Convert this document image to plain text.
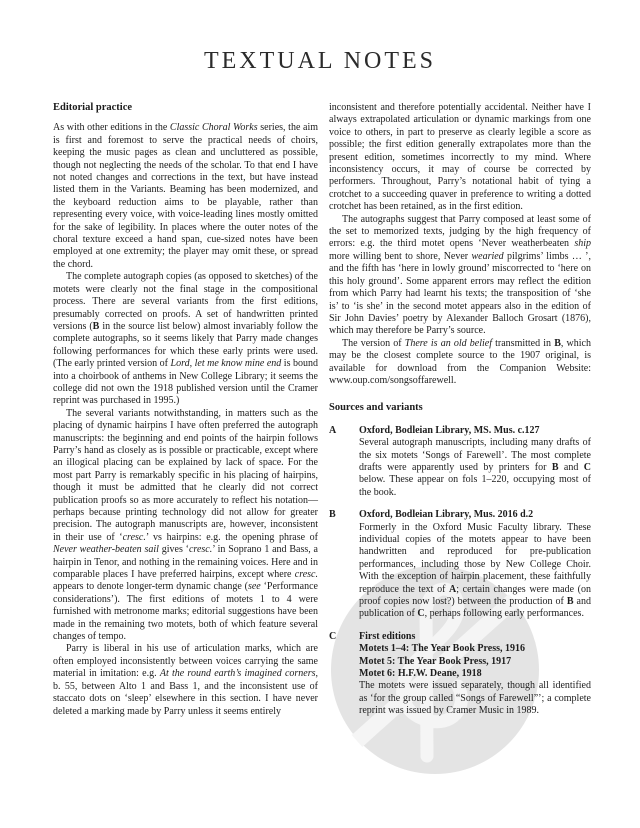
TEXTUAL NOTES
Editorial practice

As with other editions in the Classic Choral Works series, the aim is first and foremost to serve the practical needs of choirs, keeping the music pages as clean and uncluttered as possible, though not neglecting the needs of the scholar. To that end I have not noted changes and corrections in the text, but have instead listed them in the Variants. Beaming has been modernized, and the keyboard reduction aims to be playable, rather than representing every voice, with voice-leading lines mostly omitted for the sake of legibility. In places where the outer notes of the choral texture exceed a hand span, cue-sized notes have been employed at one extremity; the player may omit these, or spread the chord.

The complete autograph copies (as opposed to sketches) of the motets were clearly not the final stage in the compositional process. There are several variants from the first editions, presumably corrected on proofs. A set of handwritten printed versions (B in the source list below) almost invariably follow the complete autographs, so it seems likely that Parry made changes following performances for which these early prints were used. (The early printed version of Lord, let me know mine end is bound into a choirbook of anthems in New College Library; it seems the college did not own the 1918 published version until the Cramer reprint was purchased in 1995.)

The several variants notwithstanding, in matters such as the placing of dynamic hairpins I have often preferred the autograph manuscripts: the beginning and end points of the hairpin follows Parry’s hand as closely as is possible or practicable, except where an illogical placing can be explained by lack of space. For the most part Parry is remarkably specific in his placing of hairpins, though it must be admitted that he clearly did not correct publication proofs so as more accurately to reflect his notation—perhaps because printing technology did not allow for greater precision. The autograph manuscripts are, however, inconsistent in their use of ‘cresc.’ vs hairpins: e.g. the opening phrase of Never weather-beaten sail gives ‘cresc.’ in Soprano 1 and Bass, a hairpin in Tenor, and nothing in the remaining voices. Here and in comparable places I have preferred hairpins, except where cresc. appears to denote longer-term dynamic change (see ‘Performance considerations’). The first editions of motets 1 to 4 were furnished with metronome marks; editorial suggestions have been made in the remaining two motets, both of which feature several changes of tempo.

Parry is liberal in his use of articulation marks, which are often employed inconsistently between voices carrying the same material in imitation: e.g. At the round earth’s imagined corners, b. 55, between Alto 1 and Bass 1, and the inconsistent use of staccato dots on ‘sleep’ elsewhere in this section. I have never deleted a marking made by Parry unless it seems entirely

inconsistent and therefore potentially accidental. Neither have I always extrapolated articulation or dynamic markings from one voice to others, in part to preserve as clearly legible a score as possible; the first edition generally extrapolates more than the present edition, sometimes incorrectly to my mind. Where inconsistency occurs, it may of course be corrected by performers. Throughout, Parry’s notational habit of tying a crotchet to a succeeding quaver in preference to writing a dotted crotchet has been retained, as in the first edition.

The autographs suggest that Parry composed at least some of the set to memorized texts, judging by the high frequency of errors: e.g. the third motet opens ‘Never weatherbeaten ship more willing bent to shore, Never wearied pilgrims’ limbs … ’, and the fifth has ‘here in lowly ground’ miscorrected to ‘here on this holy ground’. Some apparent errors may reflect the edition from which Parry had learnt his texts; the transposition of ‘she is’ to ‘is she’ in the second motet appears also in the edition of Sir John Davies’ poetry by Alexander Balloch Grosart (1876), which may therefore be Parry’s source.

The version of There is an old belief transmitted in B, which may be the closest complete source to the 1907 original, is available for download from the Companion Website: www.oup.com/songsoffarewell.

Sources and variants
A	Oxford, Bodleian Library, MS. Mus. c.127
Several autograph manuscripts, including many drafts of the six motets ‘Songs of Farewell’. The most complete drafts were apparently used by printers for B and C below. These appear on fols 1–220, occupying most of the book.
B	Oxford, Bodleian Library, Mus. 2016 d.2
Formerly in the Oxford Music Faculty library. These individual copies of the motets appear to have been handwritten and reproduced for pre-publication performances, including those by New College Choir. With the exception of hairpin placement, these faithfully reproduce the text of A; certain changes were made (on proof copies now lost?) between the production of B and publication of C, perhaps following early performances.
C	First editions
Motets 1–4: The Year Book Press, 1916
Motet 5: The Year Book Press, 1917
Motet 6: H.F.W. Deane, 1918
The motets were issued separately, though all identified as ‘for the group called “Songs of Farewell”’; a complete reprint was issued by Cramer Music in 1989.
